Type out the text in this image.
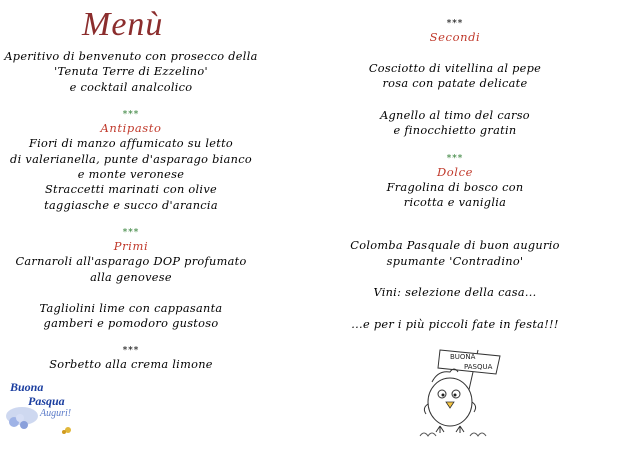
Menù
Aperitivo di benvenuto con prosecco della
'Tenuta Terre di Ezzelino'
e cocktail analcolico
***
Antipasto
Fiori di manzo affumicato su letto
di valerianella, punte d'asparago bianco
e monte veronese
Straccetti marinati con olive
taggiasche e succo d'arancia
***
Primi
Carnaroli all'asparago DOP profumato
alla genovese
Tagliolini lime con cappasanta
gamberi e pomodoro gustoso
***
Sorbetto alla crema limone
***
Secondi
Cosciotto di vitellina al pepe
rosa con patate delicate
Agnello al timo del carso
e finocchietto gratin
***
Dolce
Fragolina di bosco con
ricotta e vaniglia
Colomba Pasquale di buon augurio
spumante 'Contradino'
Vini: selezione della casa...
...e per i più piccoli fate in festa!!!
Buona
Pasqua
Auguri!
BUONA
PASQUA
